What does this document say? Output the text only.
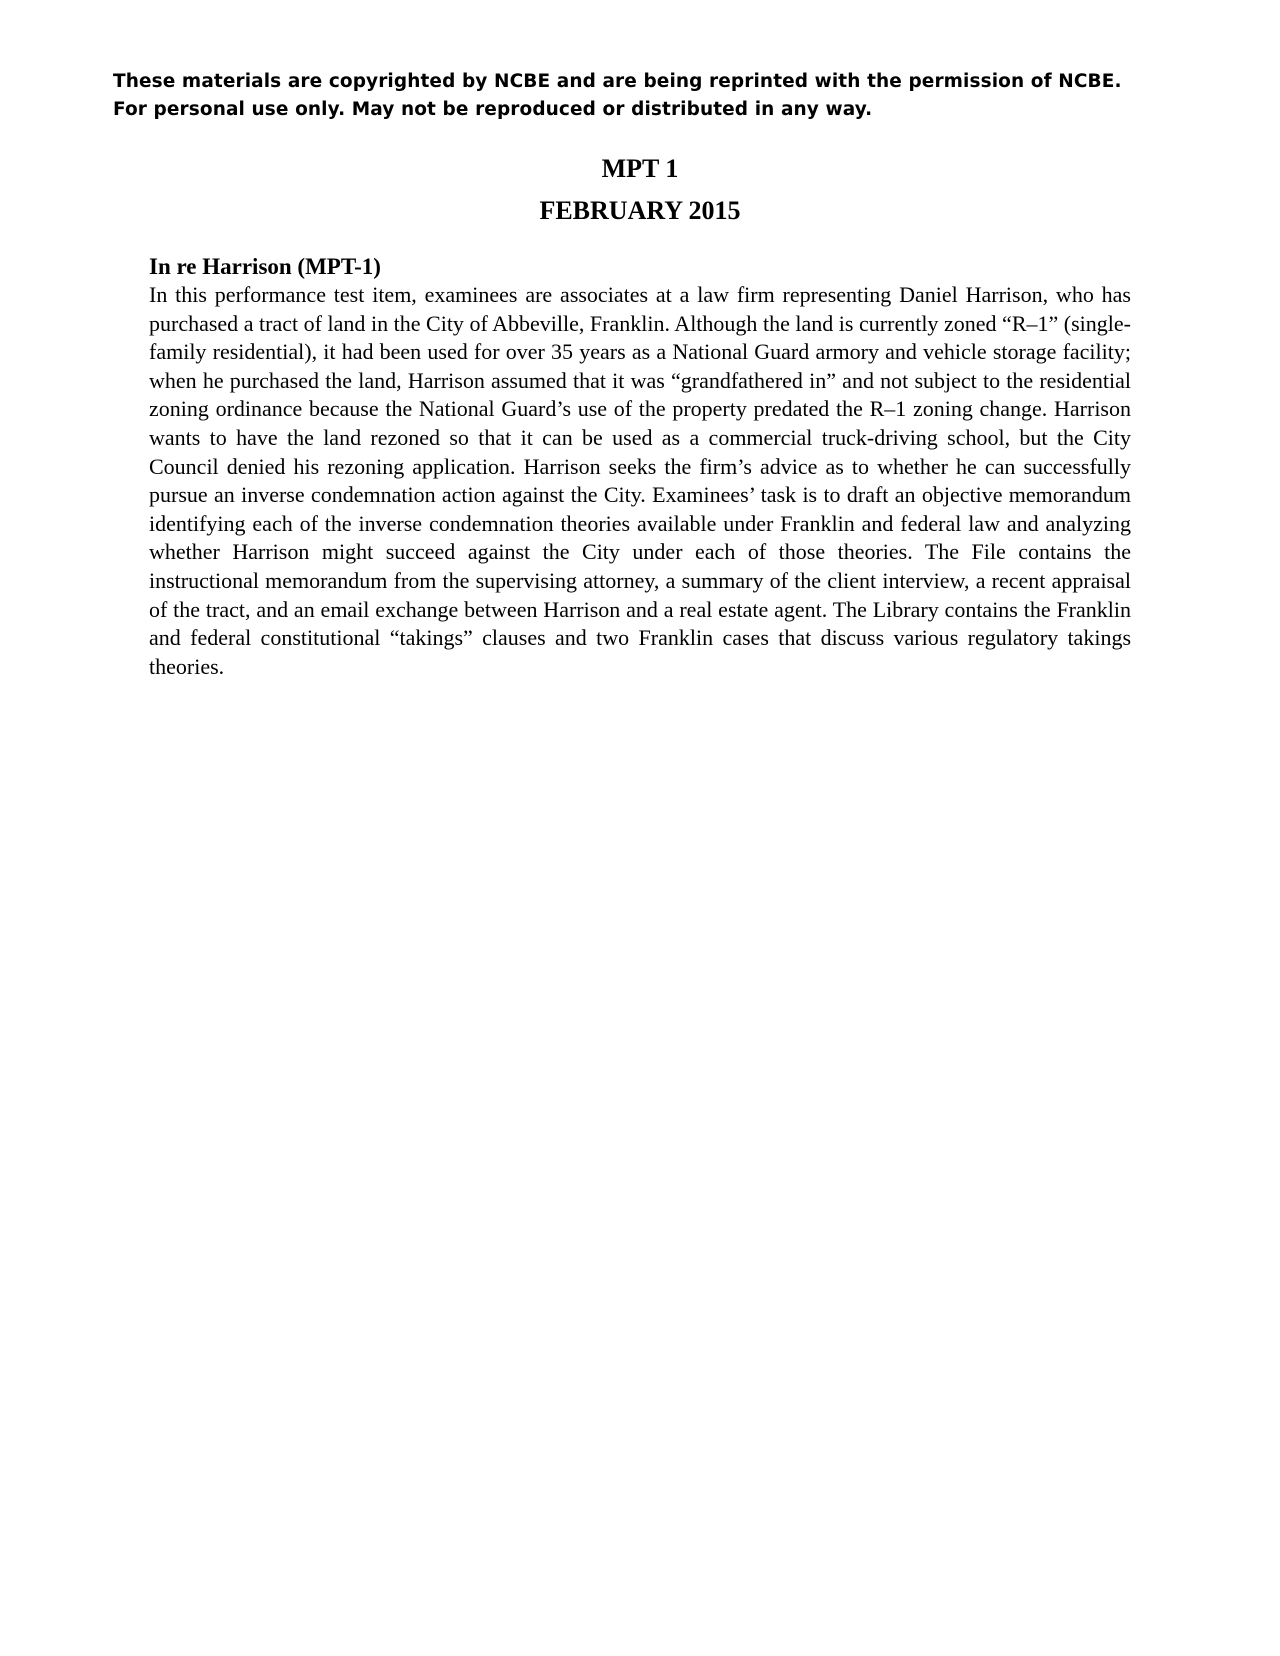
These materials are copyrighted by NCBE and are being reprinted with the permission of NCBE.
For personal use only. May not be reproduced or distributed in any way.
MPT 1
FEBRUARY 2015
In re Harrison (MPT-1)

In this performance test item, examinees are associates at a law firm representing Daniel Harrison, who has purchased a tract of land in the City of Abbeville, Franklin. Although the land is currently zoned “R–1” (single-family residential), it had been used for over 35 years as a National Guard armory and vehicle storage facility; when he purchased the land, Harrison assumed that it was “grandfathered in” and not subject to the residential zoning ordinance because the National Guard’s use of the property predated the R–1 zoning change. Harrison wants to have the land rezoned so that it can be used as a commercial truck-driving school, but the City Council denied his rezoning application. Harrison seeks the firm’s advice as to whether he can successfully pursue an inverse condemnation action against the City. Examinees’ task is to draft an objective memorandum identifying each of the inverse condemnation theories available under Franklin and federal law and analyzing whether Harrison might succeed against the City under each of those theories. The File contains the instructional memorandum from the supervising attorney, a summary of the client interview, a recent appraisal of the tract, and an email exchange between Harrison and a real estate agent. The Library contains the Franklin and federal constitutional “takings” clauses and two Franklin cases that discuss various regulatory takings theories.
